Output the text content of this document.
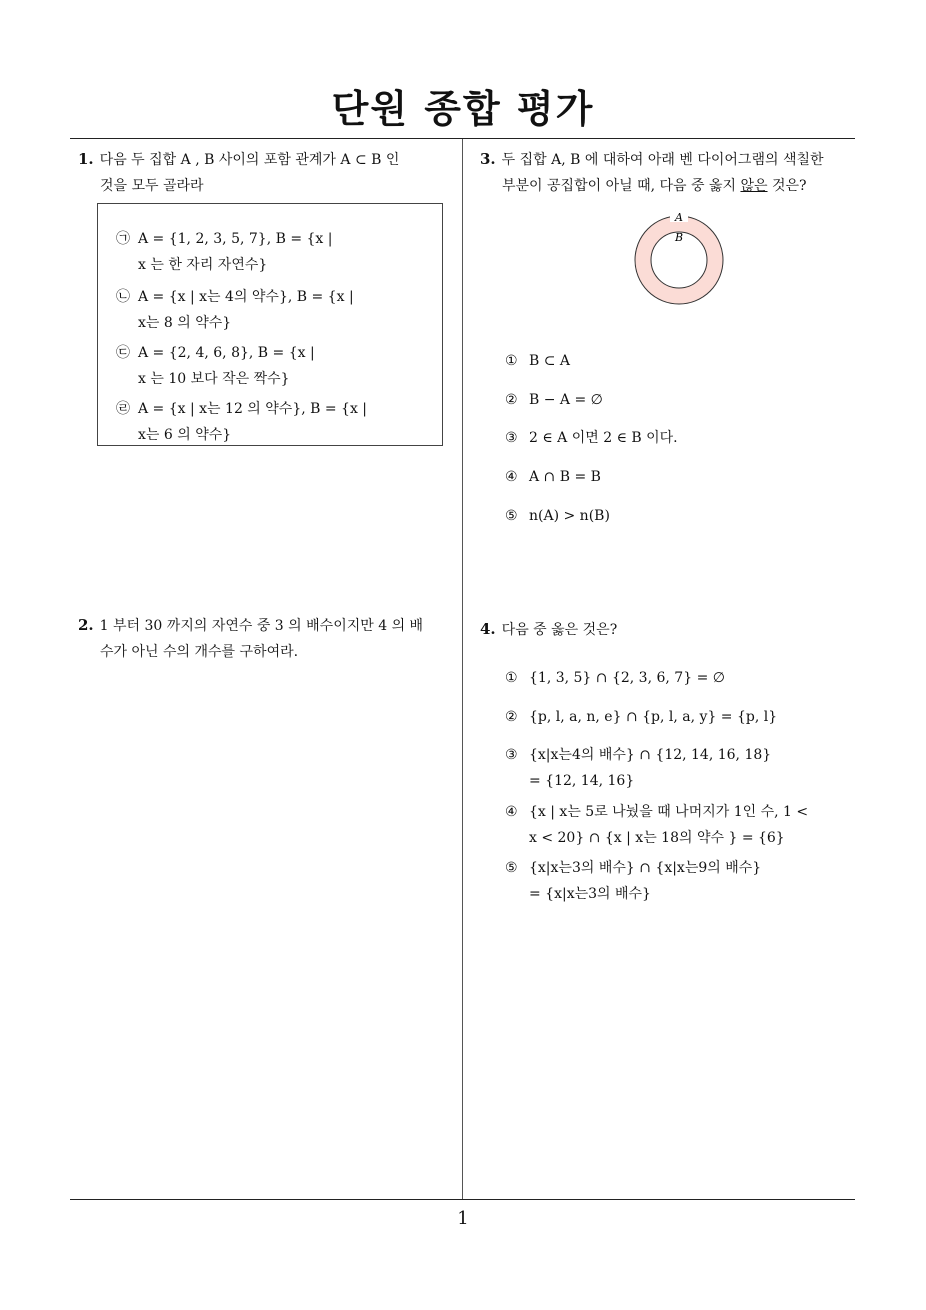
단원 종합 평가
1. 다음 두 집합 A , B 사이의 포함 관계가 A ⊂ B 인
것을 모두 골라라
㉠ A = {1, 2, 3, 5, 7}, B = {x |
x 는 한 자리 자연수}
㉡ A = {x | x는 4의 약수}, B = {x |
x는 8 의 약수}
㉢ A = {2, 4, 6, 8}, B = {x |
x 는 10 보다 작은 짝수}
㉣ A = {x | x는 12 의 약수}, B = {x |
x는 6 의 약수}
2. 1 부터 30 까지의 자연수 중 3 의 배수이지만 4 의 배
수가 아닌 수의 개수를 구하여라.
3. 두 집합 A, B 에 대하여 아래 벤 다이어그램의 색칠한
부분이 공집합이 아닐 때, 다음 중 옳지 않은 것은?
A
B
① B ⊂ A
② B − A = ∅
③ 2 ∈ A 이면 2 ∈ B 이다.
④ A ∩ B = B
⑤ n(A) > n(B)
4. 다음 중 옳은 것은?
① {1, 3, 5} ∩ {2, 3, 6, 7} = ∅
② {p, l, a, n, e} ∩ {p, l, a, y} = {p, l}
③ {x|x는4의 배수} ∩ {12, 14, 16, 18}
= {12, 14, 16}
④ {x | x는 5로 나눴을 때 나머지가 1인 수, 1 <
x < 20} ∩ {x | x는 18의 약수 } = {6}
⑤ {x|x는3의 배수} ∩ {x|x는9의 배수}
= {x|x는3의 배수}
1
